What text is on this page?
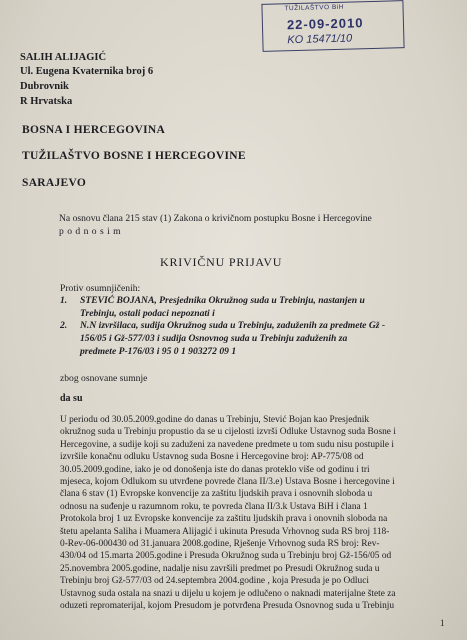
TUŽILAŠTVO BiH
22-09-2010
KO 15471/10
SALIH ALIJAGIĆ
Ul. Eugena Kvaternika broj 6
Dubrovnik
R Hrvatska
BOSNA I HERCEGOVINA
TUŽILAŠTVO BOSNE I HERCEGOVINE
SARAJEVO
Na osnovu člana 215 stav (1) Zakona o krivičnom postupku Bosne i Hercegovine
p o d n o s i m
KRIVIČNU PRIJAVU
Protiv osumnjičenih:
1. STEVIĆ BOJANA, Presjednika Okružnog suda u Trebinju, nastanjen u
Trebinju, ostali podaci nepoznati i
2. N.N izvršilaca, sudija Okružnog suda u Trebinju, zaduženih za predmete Gž -
156/05 i Gž-577/03 i sudija Osnovnog suda u Trebinju zaduženih za
predmete P-176/03 i 95 0 1 903272 09 1
zbog osnovane sumnje
da su
U periodu od 30.05.2009.godine do danas u Trebinju, Stević Bojan kao Presjednik
okružnog suda u Trebinju propustio da se u cijelosti izvrši Odluke Ustavnog suda Bosne i
Hercegovine, a sudije koji su zaduženi za navedene predmete u tom sudu nisu postupile i
izvršile konačnu odluku Ustavnog suda Bosne i Hercegovine broj: AP-775/08 od
30.05.2009.godine, iako je od donošenja iste do danas proteklo više od godinu i tri
mjeseca, kojom Odlukom su utvrđene povrede člana II/3.e) Ustava Bosne i hercegovine i
člana 6 stav (1) Evropske konvencije za zaštitu ljudskih prava i osnovnih sloboda u
odnosu na suđenje u razumnom roku, te povreda člana II/3.k Ustava BiH i člana 1
Protokola broj 1 uz Evropske konvencije za zaštitu ljudskih prava i onovnih sloboda na
štetu apelanta Saliha i Muamera Alijagić i ukinuta Presuda Vrhovnog suda RS broj 118-
0-Rev-06-000430 od 31.januara 2008.godine, Rješenje Vrhovnog suda RS broj: Rev-
430/04 od 15.marta 2005.godine i Presuda Okružnog suda u Trebinju broj Gž-156/05 od
25.novembra 2005.godine, nadalje nisu završili predmet po Presudi Okružnog suda u
Trebinju broj Gž-577/03 od 24.septembra 2004.godine , koja Presuda je po Odluci
Ustavnog suda ostala na snazi u dijelu u kojem je odlučeno o naknadi materijalne štete za
oduzeti repromaterijal, kojom Presudom je potvrđena Presuda Osnovnog suda u Trebinju
1
